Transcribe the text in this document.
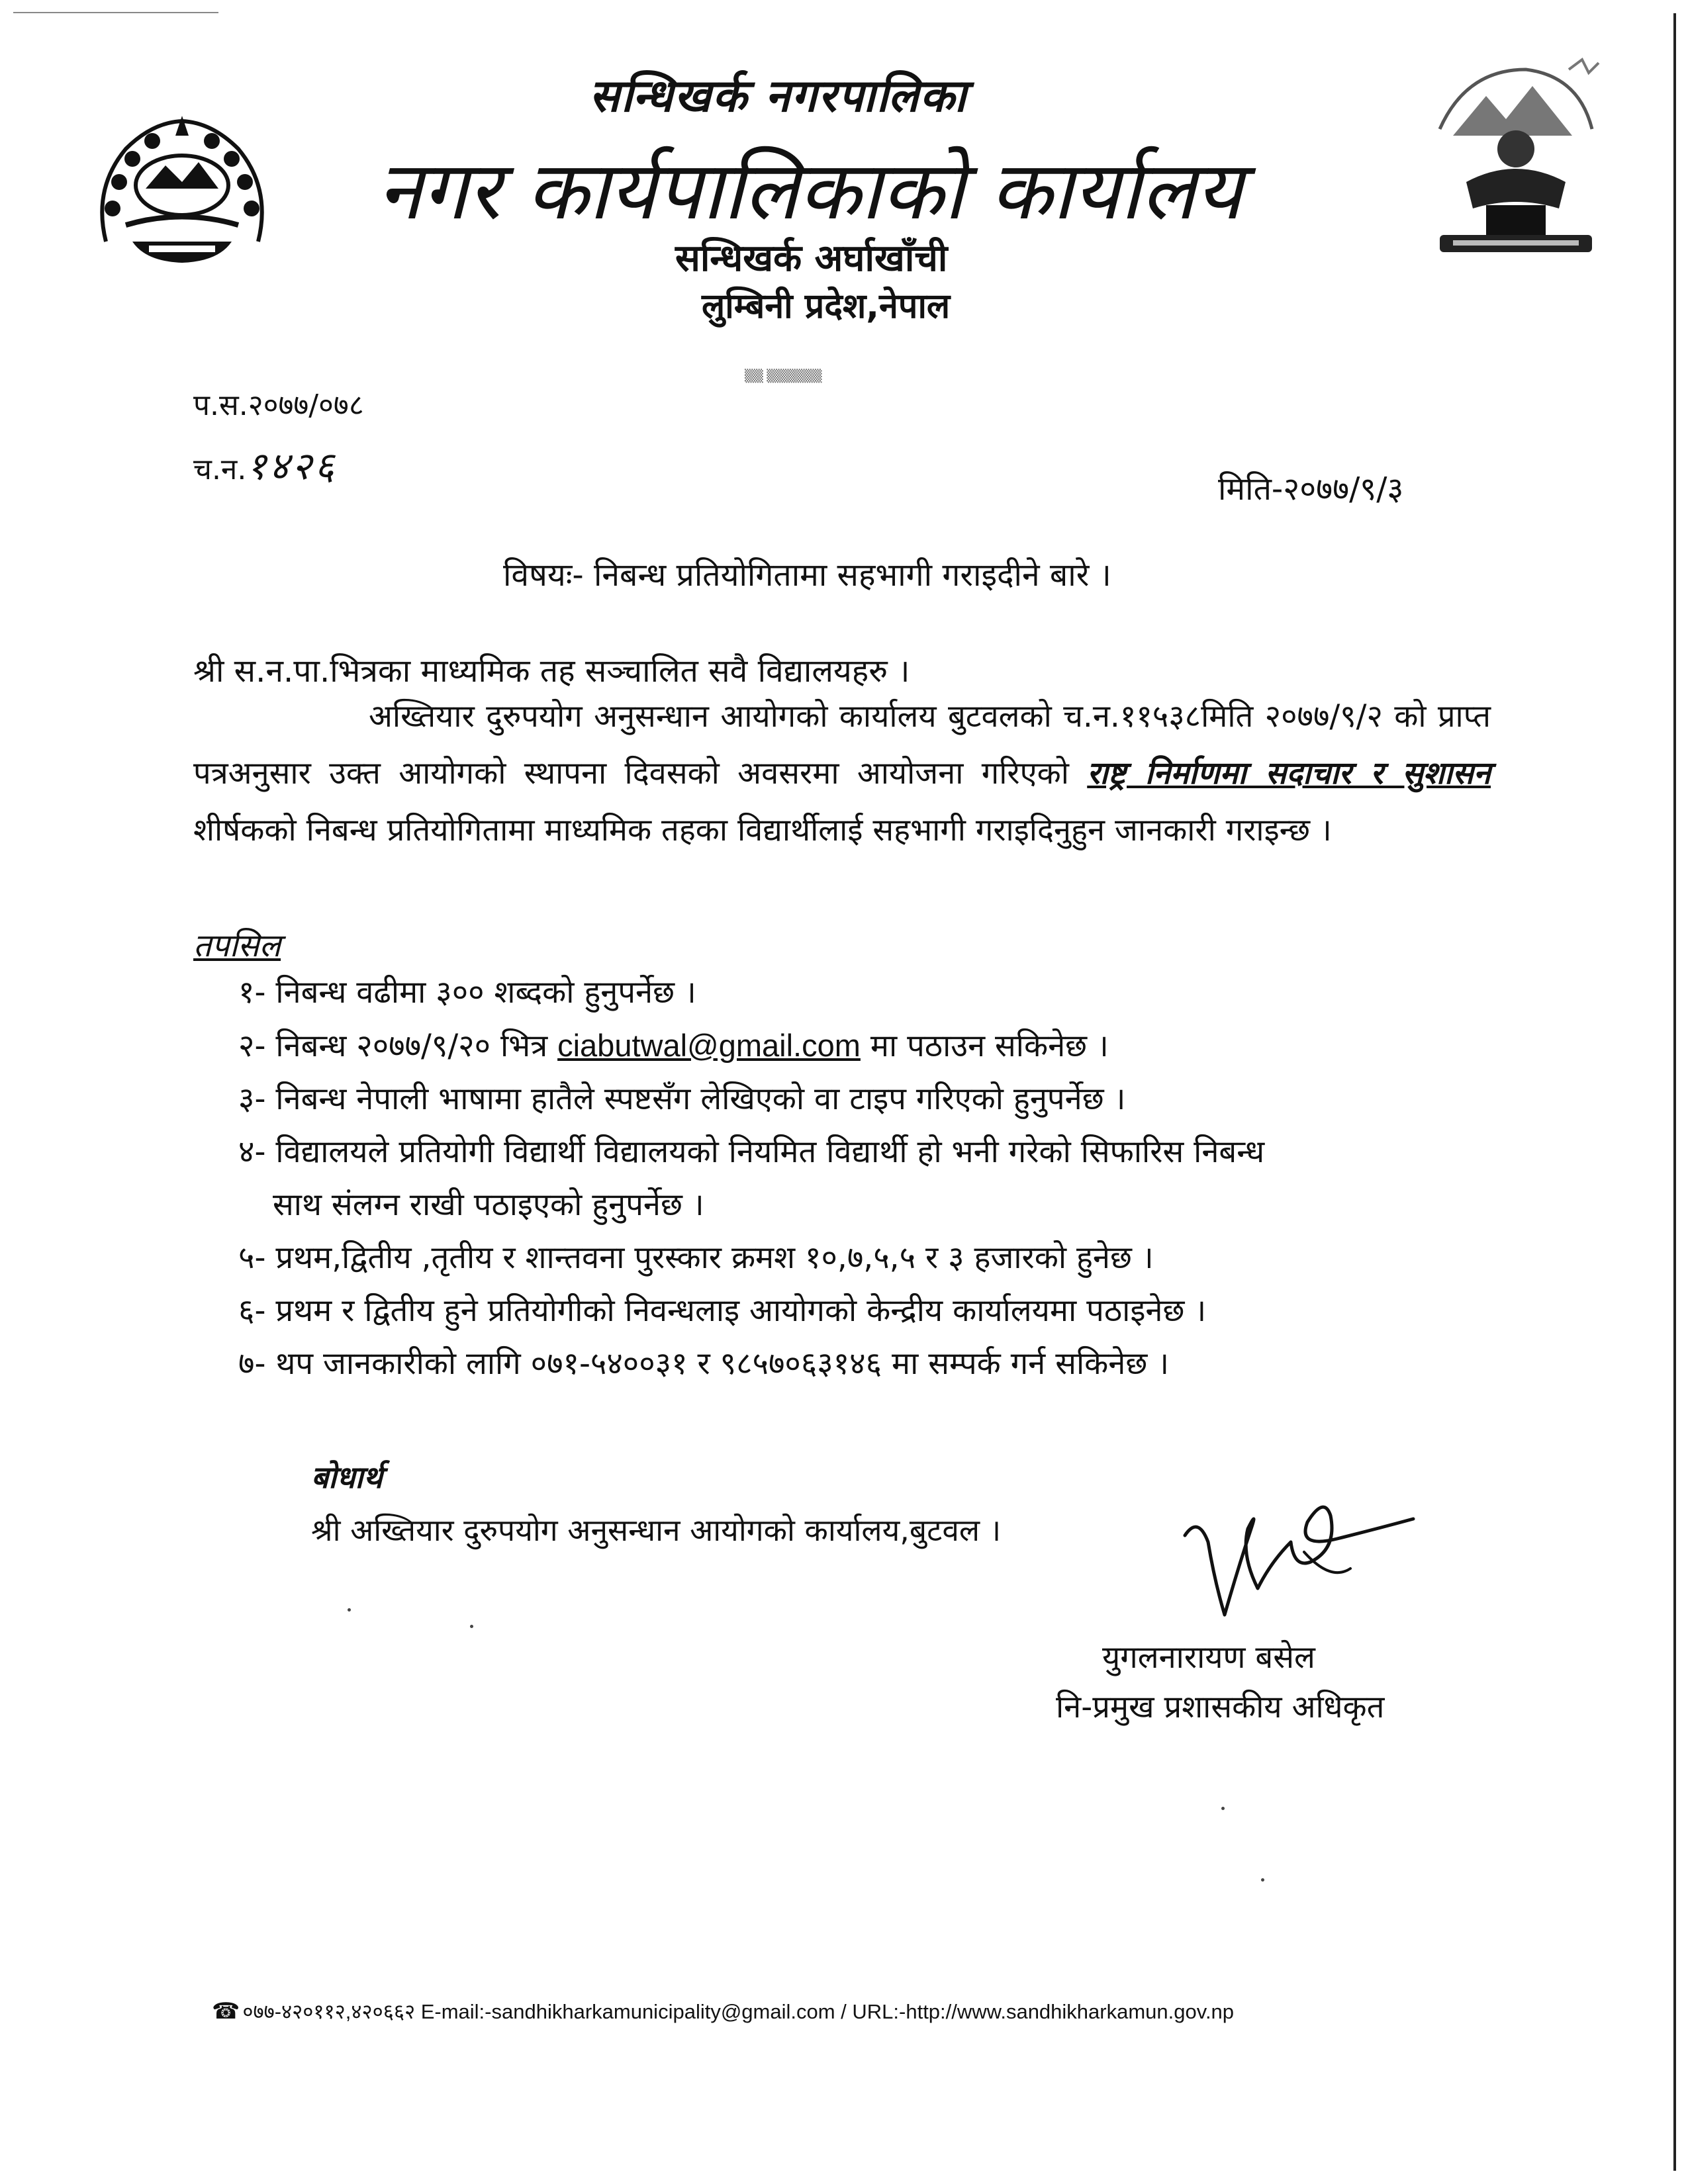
सन्धिखर्क नगरपालिका
नगर कार्यपालिकाको कार्यालय
सन्धिखर्क अर्घाखाँची
लुम्बिनी प्रदेश,नेपाल
▒▒ ▒▒▒▒▒▒
प.स.२०७७/०७८
च.न.१४२६
मिति-२०७७/९/३
विषयः- निबन्ध प्रतियोगितामा सहभागी गराइदीने बारे ।
श्री स.न.पा.भित्रका माध्यमिक तह सञ्चालित सवै विद्यालयहरु ।
अख्तियार दुरुपयोग अनुसन्धान आयोगको कार्यालय बुटवलको च.न.११५३८मिति २०७७/९/२ को प्राप्त पत्रअनुसार उक्त आयोगको स्थापना दिवसको अवसरमा आयोजना गरिएको राष्ट्र निर्माणमा सदाचार र सुशासन शीर्षकको निबन्ध प्रतियोगितामा माध्यमिक तहका विद्यार्थीलाई सहभागी गराइदिनुहुन जानकारी गराइन्छ ।
तपसिल

१- निबन्ध वढीमा ३०० शब्दको हुनुपर्नेछ ।

२- निबन्ध २०७७/९/२० भित्र ciabutwal@gmail.com मा पठाउन सकिनेछ ।

३- निबन्ध नेपाली भाषामा हातैले स्पष्टसँग लेखिएको वा टाइप गरिएको हुनुपर्नेछ ।

४- विद्यालयले प्रतियोगी विद्यार्थी विद्यालयको नियमित विद्यार्थी हो भनी गरेको सिफारिस निबन्ध

साथ संलग्न राखी पठाइएको हुनुपर्नेछ ।

५- प्रथम,द्वितीय ,तृतीय र शान्तवना पुरस्कार क्रमश १०,७,५,५ र ३ हजारको हुनेछ ।

६- प्रथम र द्वितीय हुने प्रतियोगीको निवन्धलाइ आयोगको केन्द्रीय कार्यालयमा पठाइनेछ ।

७- थप जानकारीको लागि ०७१-५४००३१ र ९८५७०६३१४६ मा सम्पर्क गर्न सकिनेछ ।

बोधार्थ
श्री अख्तियार दुरुपयोग अनुसन्धान आयोगको कार्यालय,बुटवल ।
युगलनारायण बसेल
नि-प्रमुख प्रशासकीय अधिकृत
☎ ०७७-४२०११२,४२०६६२ E-mail:-sandhikharkamunicipality@gmail.com / URL:-http://www.sandhikharkamun.gov.np
